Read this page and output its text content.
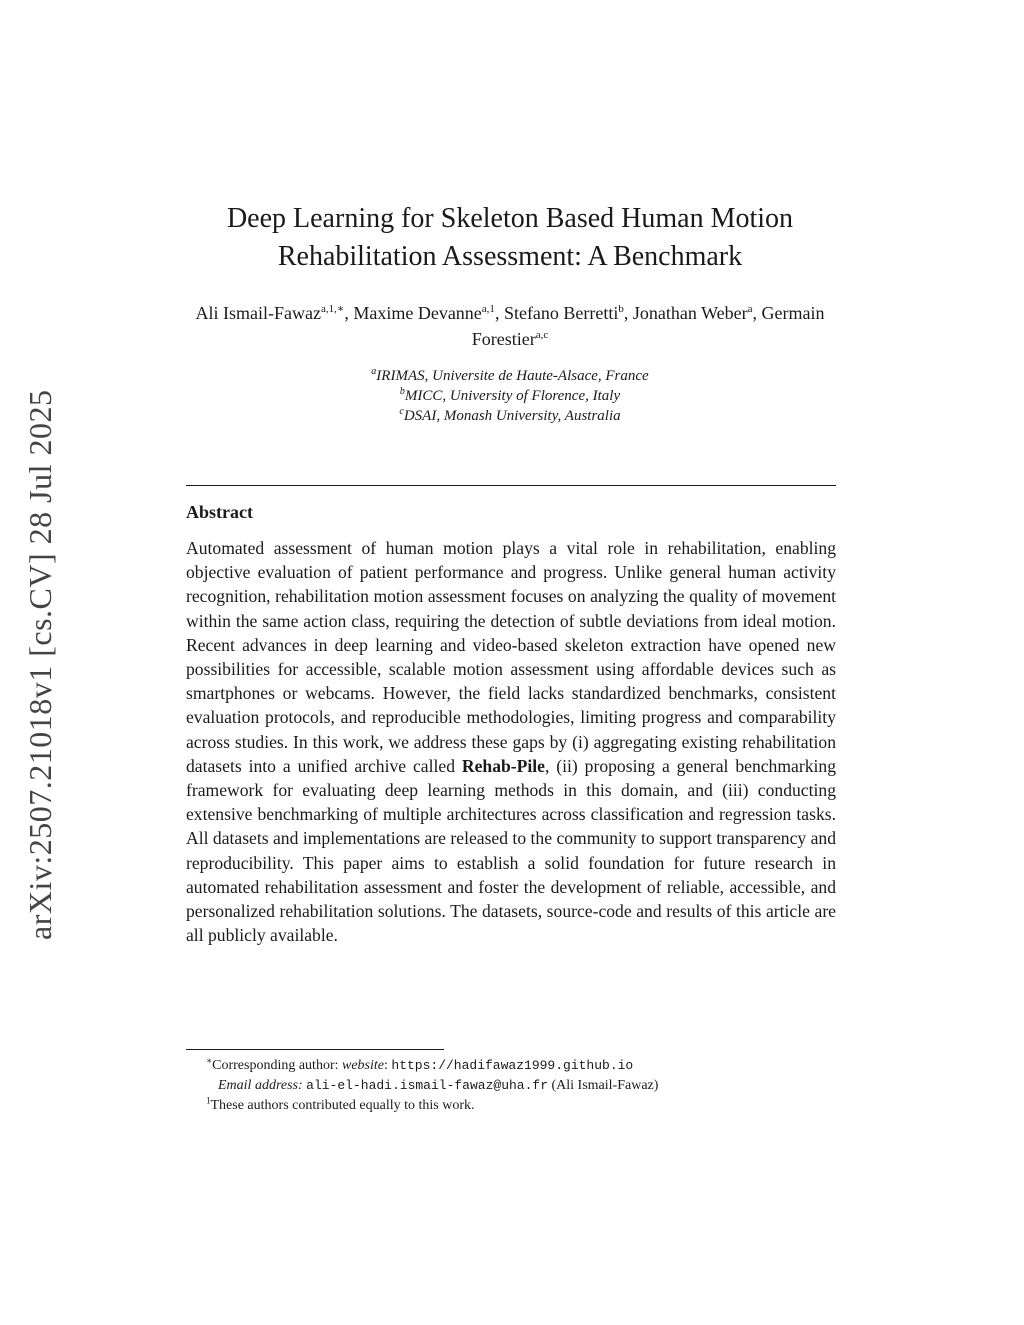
arXiv:2507.21018v1 [cs.CV] 28 Jul 2025
Deep Learning for Skeleton Based Human Motion
Rehabilitation Assessment: A Benchmark
Ali Ismail-Fawaz$^{a,1,∗}$, Maxime Devanne$^{a,1}$, Stefano Berretti$^b$, Jonathan Weber$^a$, Germain Forestier$^{a,c}$
$^a$IRIMAS, Universite de Haute-Alsace, France
$^b$MICC, University of Florence, Italy
$^c$DSAI, Monash University, Australia
Abstract
Automated assessment of human motion plays a vital role in rehabilitation, enabling objective evaluation of patient performance and progress. Unlike general human activity recognition, rehabilitation motion assessment focuses on analyzing the quality of movement within the same action class, requiring the detection of subtle deviations from ideal motion. Recent advances in deep learning and video-based skeleton extraction have opened new possibilities for accessible, scalable motion assessment using affordable devices such as smartphones or webcams. However, the field lacks standardized benchmarks, consistent evaluation protocols, and reproducible methodologies, limiting progress and comparability across studies. In this work, we address these gaps by (i) aggregating existing rehabilitation datasets into a unified archive called Rehab-Pile, (ii) proposing a general benchmarking framework for evaluating deep learning methods in this domain, and (iii) conducting extensive benchmarking of multiple architectures across classification and regression tasks. All datasets and implementations are released to the community to support transparency and reproducibility. This paper aims to establish a solid foundation for future research in automated rehabilitation assessment and foster the development of reliable, accessible, and personalized rehabilitation solutions. The datasets, source-code and results of this article are all publicly available.
∗Corresponding author: website: https://hadifawaz1999.github.io
Email address: ali-el-hadi.ismail-fawaz@uha.fr (Ali Ismail-Fawaz)
$^1$These authors contributed equally to this work.
